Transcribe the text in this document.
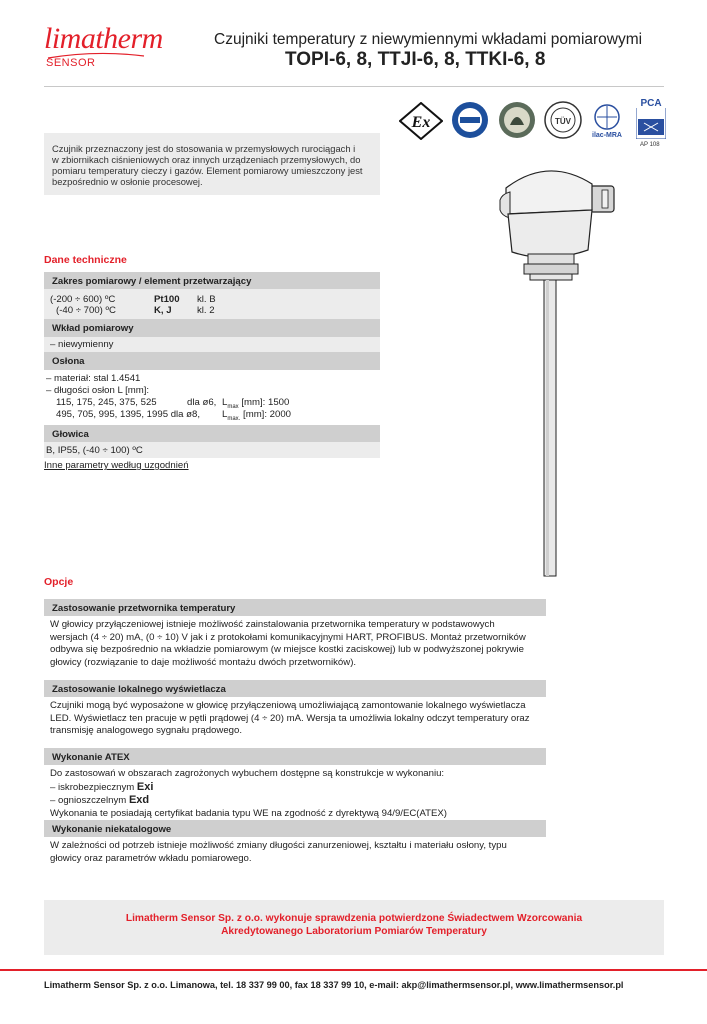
limatherm
SENSOR
Czujniki temperatury z niewymiennymi wkładami pomiarowymi
TOPI-6, 8, TTJI-6, 8, TTKI-6, 8
Ex	TÜV
ilac-MRA
PCA
AP 108
Czujnik przeznaczony jest do stosowania w przemysłowych rurociągach i
w zbiornikach ciśnieniowych oraz innych urządzeniach przemysłowych, do
pomiaru temperatury cieczy i gazów. Element pomiarowy umieszczony jest
bezpośrednio w osłonie procesowej.
Dane techniczne
Zakres pomiarowy / element przetwarzający
(-200 ÷ 600) ºC	Pt100 kl. B
(-40 ÷ 700) ºC	K, J	kl. 2
Wkład pomiarowy
– niewymienny
Osłona
– materiał: stal 1.4541
– długości osłon L [mm]:
115, 175, 245, 375, 525	dla ø6, $L_{max}$ [mm]: 1500
495, 705, 995, 1395, 1995 dla ø8, $L_{max.}$ [mm]: 2000
Głowica
B, IP55, (-40 ÷ 100) ºC
Inne parametry według uzgodnień
Opcje
Zastosowanie przetwornika temperatury
W głowicy przyłączeniowej istnieje możliwość zainstalowania przetwornika temperatury w podstawowych
wersjach (4 ÷ 20) mA, (0 ÷ 10) V jak i z protokołami komunikacyjnymi HART, PROFIBUS. Montaż przetworników
odbywa się bezpośrednio na wkładzie pomiarowym (w miejsce kostki zaciskowej) lub w podwyższonej pokrywie
głowicy (rozwiązanie to daje możliwość montażu dwóch przetworników).
Zastosowanie lokalnego wyświetlacza
Czujniki mogą być wyposażone w głowicę przyłączeniową umożliwiającą zamontowanie lokalnego wyświetlacza
LED. Wyświetlacz ten pracuje w pętli prądowej (4 ÷ 20) mA. Wersja ta umożliwia lokalny odczyt temperatury oraz
transmisję analogowego sygnału prądowego.
Wykonanie ATEX
Do zastosowań w obszarach zagrożonych wybuchem dostępne są konstrukcje w wykonaniu:
– iskrobezpiecznym Exi
– ognioszczelnym Exd
Wykonania te posiadają certyfikat badania typu WE na zgodność z dyrektywą 94/9/EC(ATEX)
Wykonanie niekatalogowe
W zależności od potrzeb istnieje możliwość zmiany długości zanurzeniowej, kształtu i materiału osłony, typu
głowicy oraz parametrów wkładu pomiarowego.
Limatherm Sensor Sp. z o.o. wykonuje sprawdzenia potwierdzone Świadectwem Wzorcowania
Akredytowanego Laboratorium Pomiarów Temperatury
Limatherm Sensor Sp. z o.o. Limanowa, tel. 18 337 99 00, fax 18 337 99 10, e-mail: akp@limathermsensor.pl, www.limathermsensor.pl
